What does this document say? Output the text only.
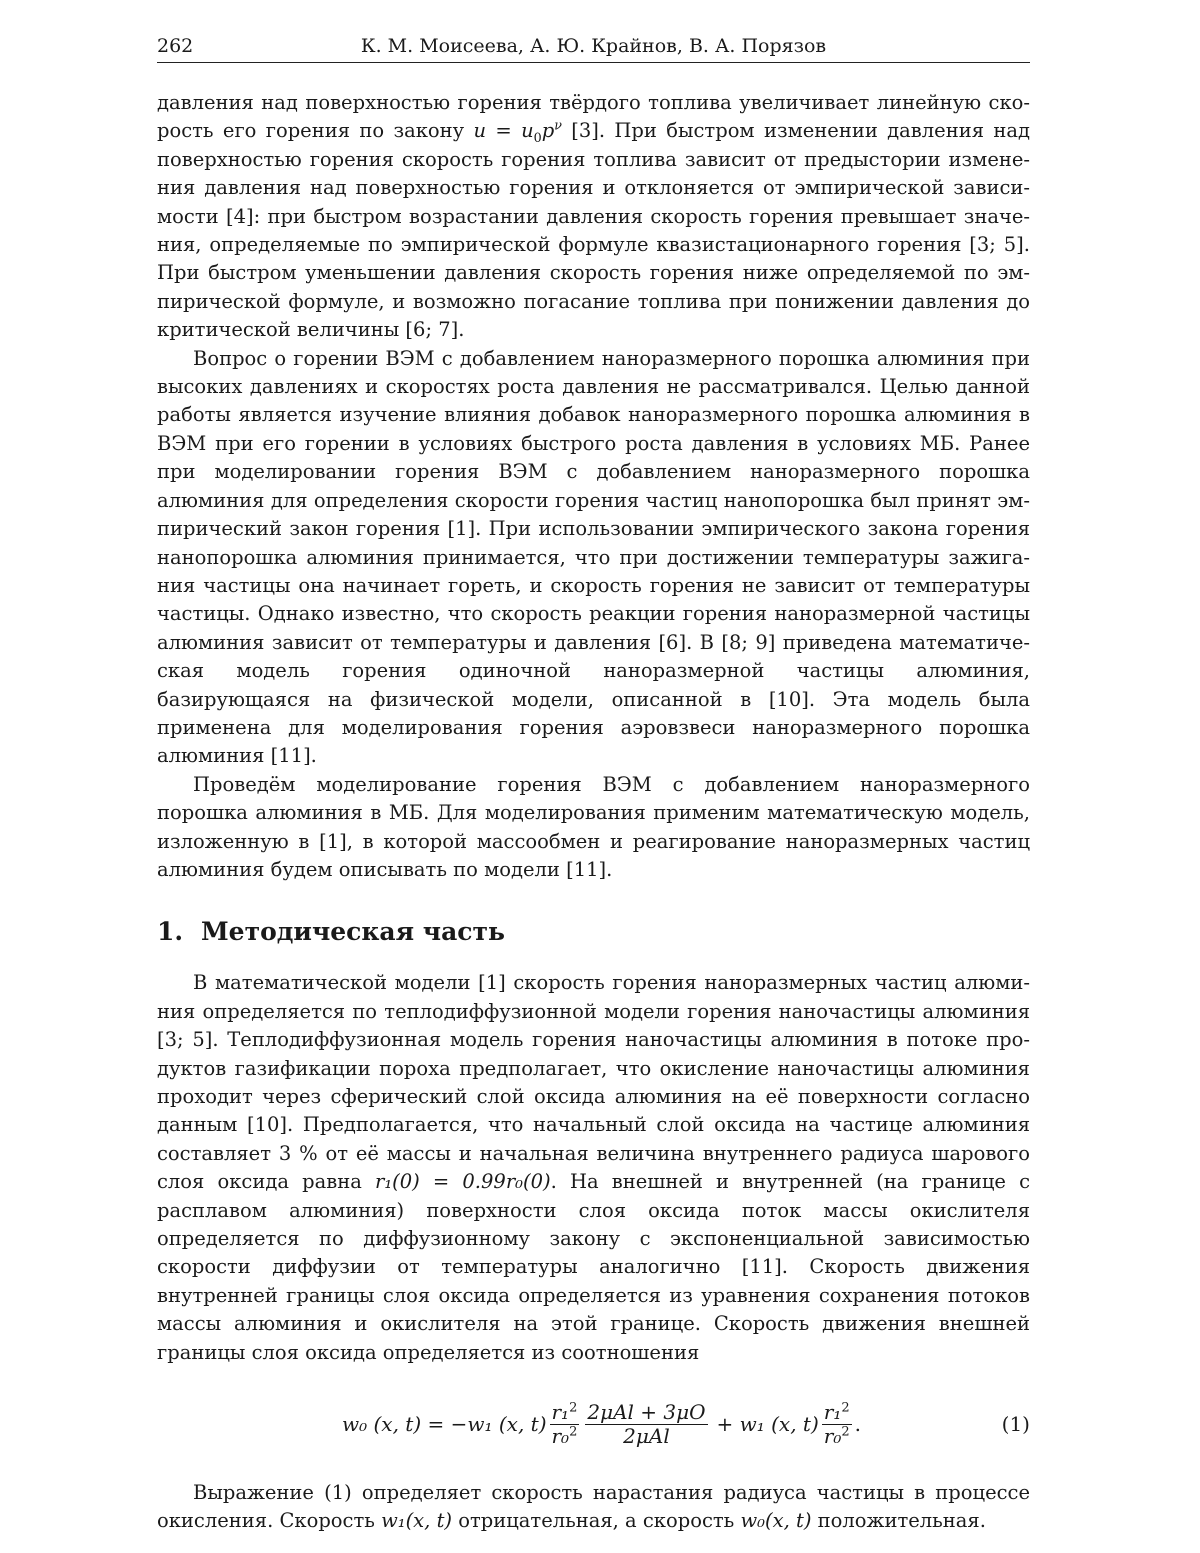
262	К. М. Моисеева, А. Ю. Крайнов, В. А. Порязов

давления над поверхностью горения твёрдого топлива увеличивает линейную скорость его горения по закону $u = u_0p^\nu$ [3]. При быстром изменении давления над поверхностью горения скорость горения топлива зависит от предыстории изменения давления над поверхностью горения и отклоняется от эмпирической зависимости [4]: при быстром возрастании давления скорость горения превышает значения, определяемые по эмпирической формуле квазистационарного горения [3; 5]. При быстром уменьшении давления скорость горения ниже определяемой по эмпирической формуле, и возможно погасание топлива при понижении давления до критической величины [6; 7].

Вопрос о горении ВЭМ с добавлением наноразмерного порошка алюминия при высоких давлениях и скоростях роста давления не рассматривался. Целью данной работы является изучение влияния добавок наноразмерного порошка алюминия в ВЭМ при его горении в условиях быстрого роста давления в условиях МБ. Ранее при моделировании горения ВЭМ с добавлением наноразмерного порошка алюминия для определения скорости горения частиц нанопорошка был принят эмпирический закон горения [1]. При использовании эмпирического закона горения нанопорошка алюминия принимается, что при достижении температуры зажигания частицы она начинает гореть, и скорость горения не зависит от температуры частицы. Однако известно, что скорость реакции горения наноразмерной частицы алюминия зависит от температуры и давления [6]. В [8; 9] приведена математическая модель горения одиночной наноразмерной частицы алюминия, базирующаяся на физической модели, описанной в [10]. Эта модель была применена для моделирования горения аэровзвеси наноразмерного порошка алюминия [11].

Проведём моделирование горения ВЭМ с добавлением наноразмерного порошка алюминия в МБ. Для моделирования применим математическую модель, изложенную в [1], в которой массообмен и реагирование наноразмерных частиц алюминия будем описывать по модели [11].

1. Методическая часть

В математической модели [1] скорость горения наноразмерных частиц алюминия определяется по теплодиффузионной модели горения наночастицы алюминия [3; 5]. Теплодиффузионная модель горения наночастицы алюминия в потоке продуктов газификации пороха предполагает, что окисление наночастицы алюминия проходит через сферический слой оксида алюминия на её поверхности согласно данным [10]. Предполагается, что начальный слой оксида на частице алюминия составляет 3 % от её массы и начальная величина внутреннего радиуса шарового слоя оксида равна r₁(0) = 0.99r₀(0). На внешней и внутренней (на границе с расплавом алюминия) поверхности слоя оксида поток массы окислителя определяется по диффузионному закону с экспоненциальной зависимостью скорости диффузии от температуры аналогично [11]. Скорость движения внутренней границы слоя оксида определяется из уравнения сохранения потоков массы алюминия и окислителя на этой границе. Скорость движения внешней границы слоя оксида определяется из соотношения

w₀ (x, t) = −w₁ (x, $t) \frac{r_1^2}{r_0^2} \frac{\text{2μAl + 3μO}}{\text{2μAl}} + w_1$ (x, $t) \frac{r_1^2}{r_0^2}$ .	(1)

Выражение (1) определяет скорость нарастания радиуса частицы в процессе окисления. Скорость w₁(x, t) отрицательная, а скорость w₀(x, t) положительная.
